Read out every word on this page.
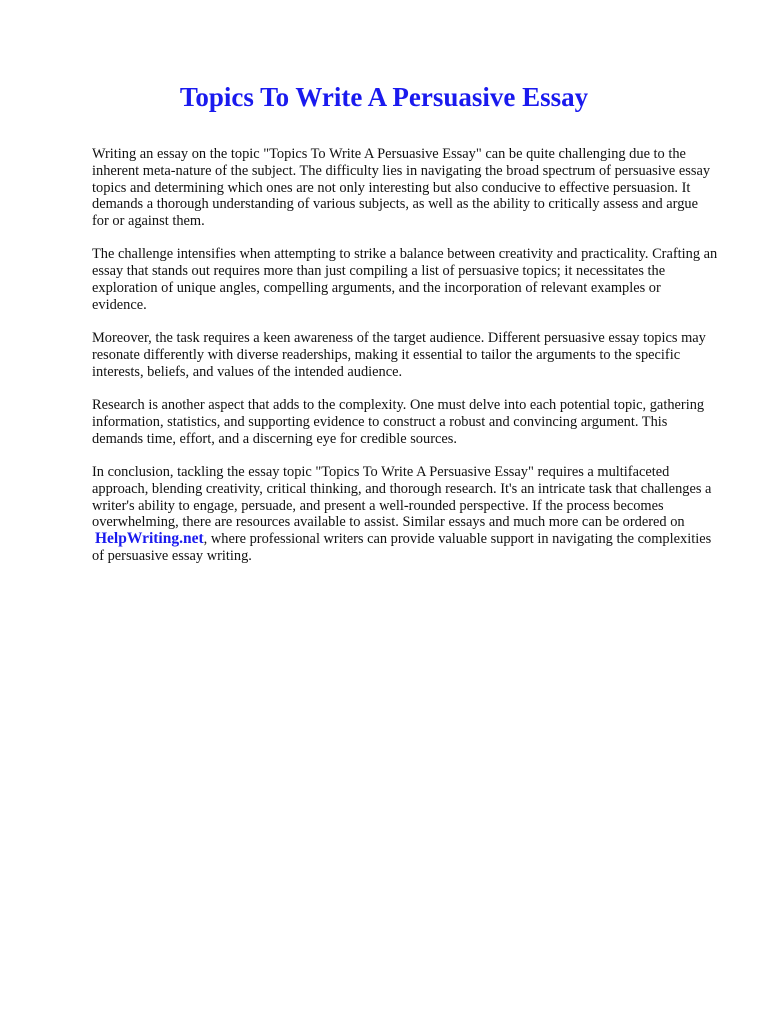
Topics To Write A Persuasive Essay

Writing an essay on the topic "Topics To Write A Persuasive Essay" can be quite challenging due to the inherent meta-nature of the subject. The difficulty lies in navigating the broad spectrum of persuasive essay topics and determining which ones are not only interesting but also conducive to effective persuasion. It demands a thorough understanding of various subjects, as well as the ability to critically assess and argue for or against them.

The challenge intensifies when attempting to strike a balance between creativity and practicality. Crafting an essay that stands out requires more than just compiling a list of persuasive topics; it necessitates the exploration of unique angles, compelling arguments, and the incorporation of relevant examples or evidence.

Moreover, the task requires a keen awareness of the target audience. Different persuasive essay topics may resonate differently with diverse readerships, making it essential to tailor the arguments to the specific interests, beliefs, and values of the intended audience.

Research is another aspect that adds to the complexity. One must delve into each potential topic, gathering information, statistics, and supporting evidence to construct a robust and convincing argument. This demands time, effort, and a discerning eye for credible sources.

In conclusion, tackling the essay topic "Topics To Write A Persuasive Essay" requires a multifaceted approach, blending creativity, critical thinking, and thorough research. It's an intricate task that challenges a writer's ability to engage, persuade, and present a well-rounded perspective. If the process becomes overwhelming, there are resources available to assist. Similar essays and much more can be ordered on HelpWriting.net, where professional writers can provide valuable support in navigating the complexities of persuasive essay writing.
